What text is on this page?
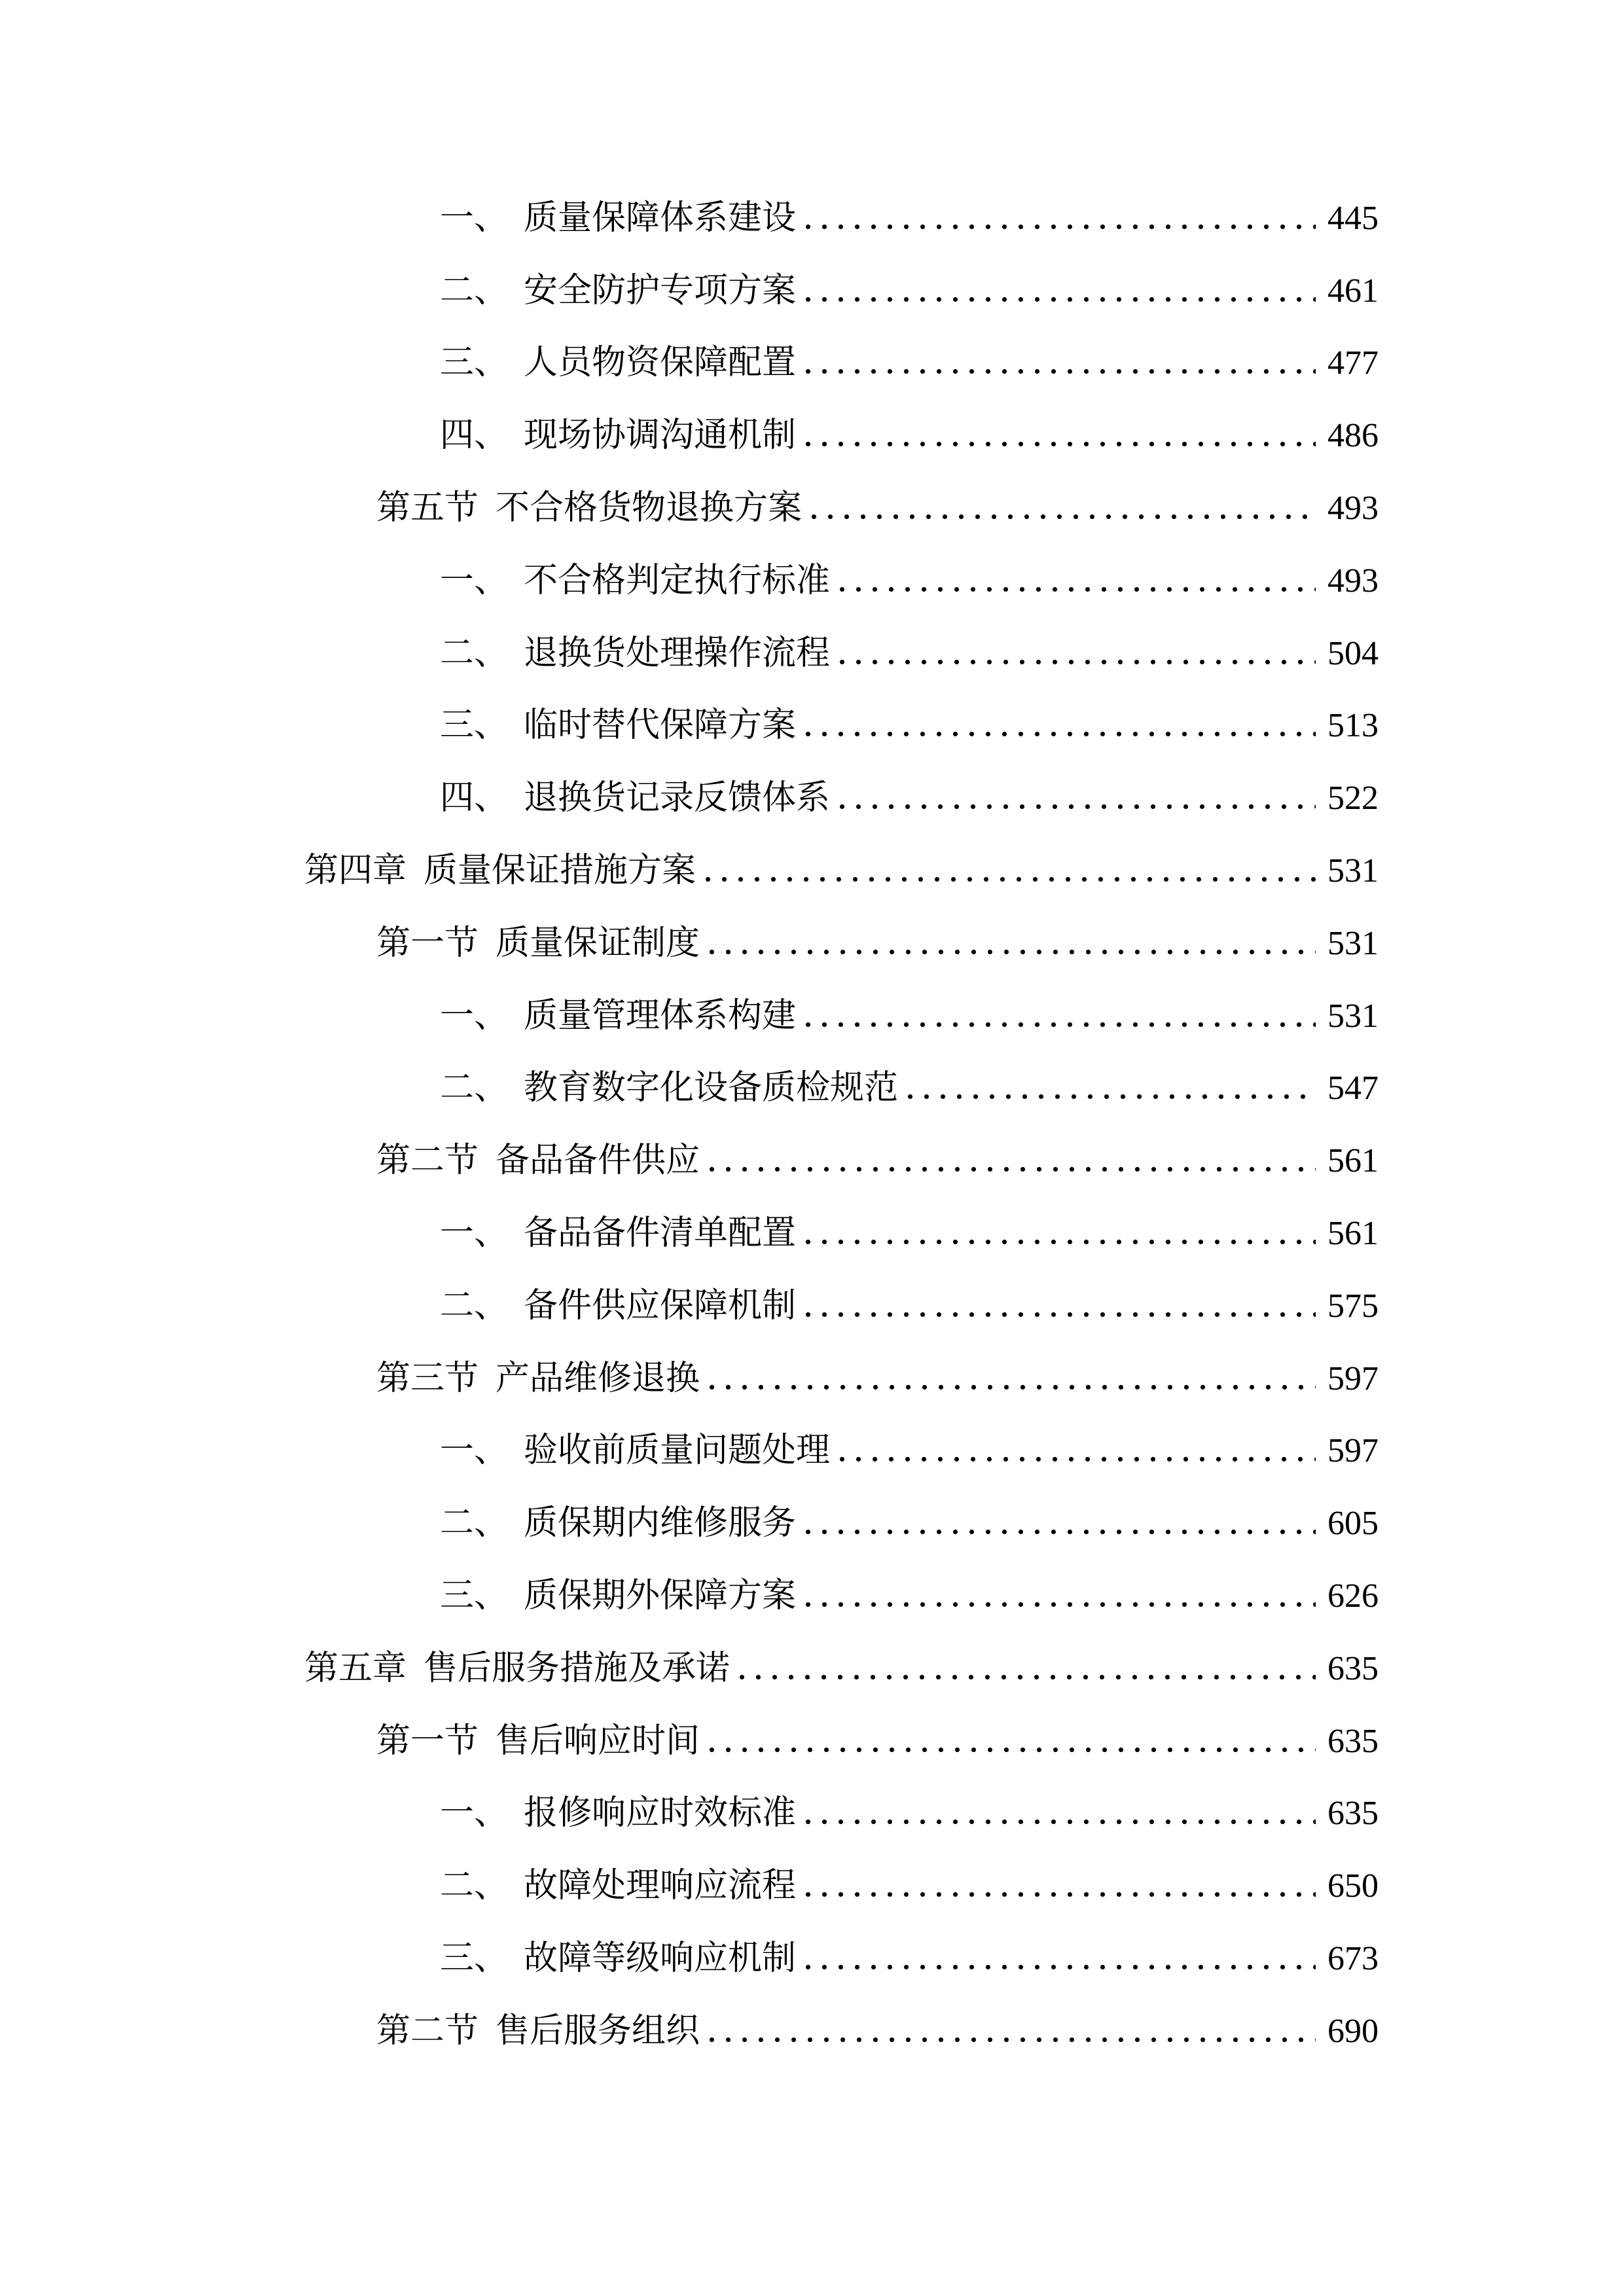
一、 质量保障体系建设	445
二、 安全防护专项方案	461
三、 人员物资保障配置	477
四、 现场协调沟通机制	486
第五节 不合格货物退换方案	493
一、 不合格判定执行标准	493
二、 退换货处理操作流程	504
三、 临时替代保障方案	513
四、 退换货记录反馈体系	522
第四章 质量保证措施方案	531
第一节 质量保证制度	531
一、 质量管理体系构建	531
二、 教育数字化设备质检规范	547
第二节 备品备件供应	561
一、 备品备件清单配置	561
二、 备件供应保障机制	575
第三节 产品维修退换	597
一、 验收前质量问题处理	597
二、 质保期内维修服务	605
三、 质保期外保障方案	626
第五章 售后服务措施及承诺	635
第一节 售后响应时间	635
一、 报修响应时效标准	635
二、 故障处理响应流程	650
三、 故障等级响应机制	673
第二节 售后服务组织	690
